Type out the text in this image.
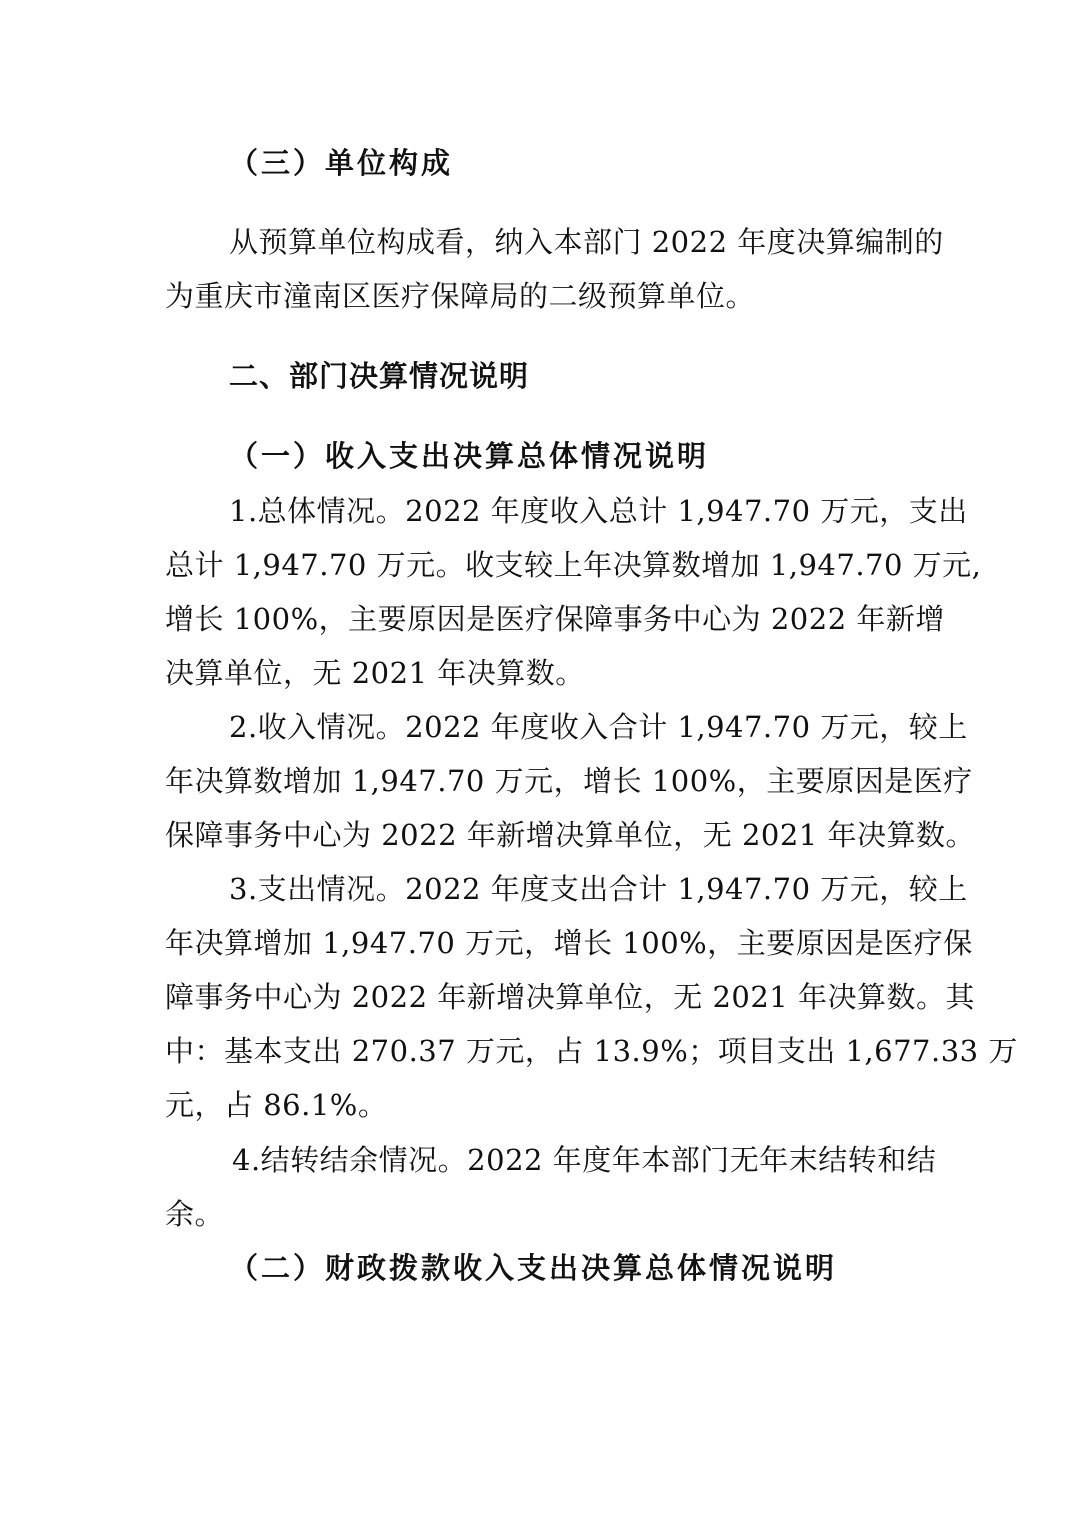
（三）单位构成
从预算单位构成看，纳入本部门 2022 年度决算编制的
为重庆市潼南区医疗保障局的二级预算单位。
二、部门决算情况说明
（一）收入支出决算总体情况说明
1.总体情况。2022 年度收入总计 1,947.70 万元，支出
总计 1,947.70 万元。收支较上年决算数增加 1,947.70 万元,
增长 100%，主要原因是医疗保障事务中心为 2022 年新增
决算单位，无 2021 年决算数。
2.收入情况。2022 年度收入合计 1,947.70 万元，较上
年决算数增加 1,947.70 万元，增长 100%，主要原因是医疗
保障事务中心为 2022 年新增决算单位，无 2021 年决算数。
3.支出情况。2022 年度支出合计 1,947.70 万元，较上
年决算增加 1,947.70 万元，增长 100%，主要原因是医疗保
障事务中心为 2022 年新增决算单位，无 2021 年决算数。其
中：基本支出 270.37 万元，占 13.9%；项目支出 1,677.33 万
元，占 86.1%。
4.结转结余情况。2022 年度年本部门无年末结转和结
余。
（二）财政拨款收入支出决算总体情况说明
